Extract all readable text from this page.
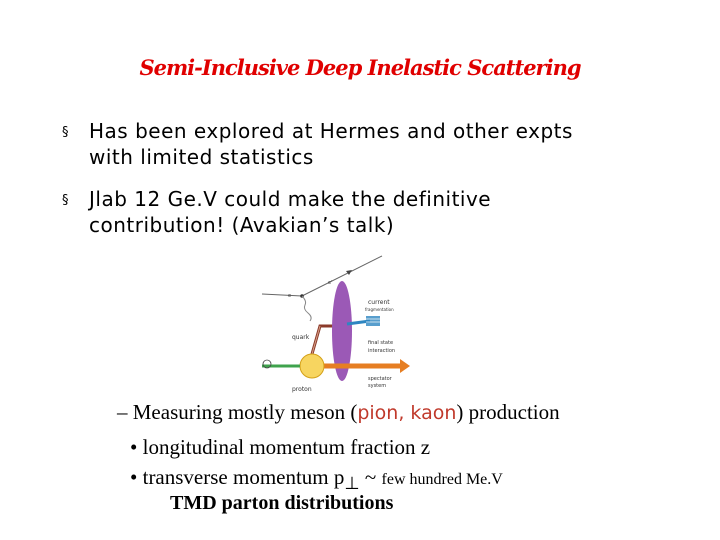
Semi-Inclusive Deep Inelastic Scattering
§ Has been explored at Hermes and other expts
with limited statistics
§ Jlab 12 Ge.V could make the definitive
contribution! (Avakian’s talk)
e'
e
current
fragmentation
quark
final state
interaction
spectator
system
proton
– Measuring mostly meson (pion, kaon) production
• longitudinal momentum fraction z
• transverse momentum $p_\perp$ ~ few hundred Me.V
TMD parton distributions
